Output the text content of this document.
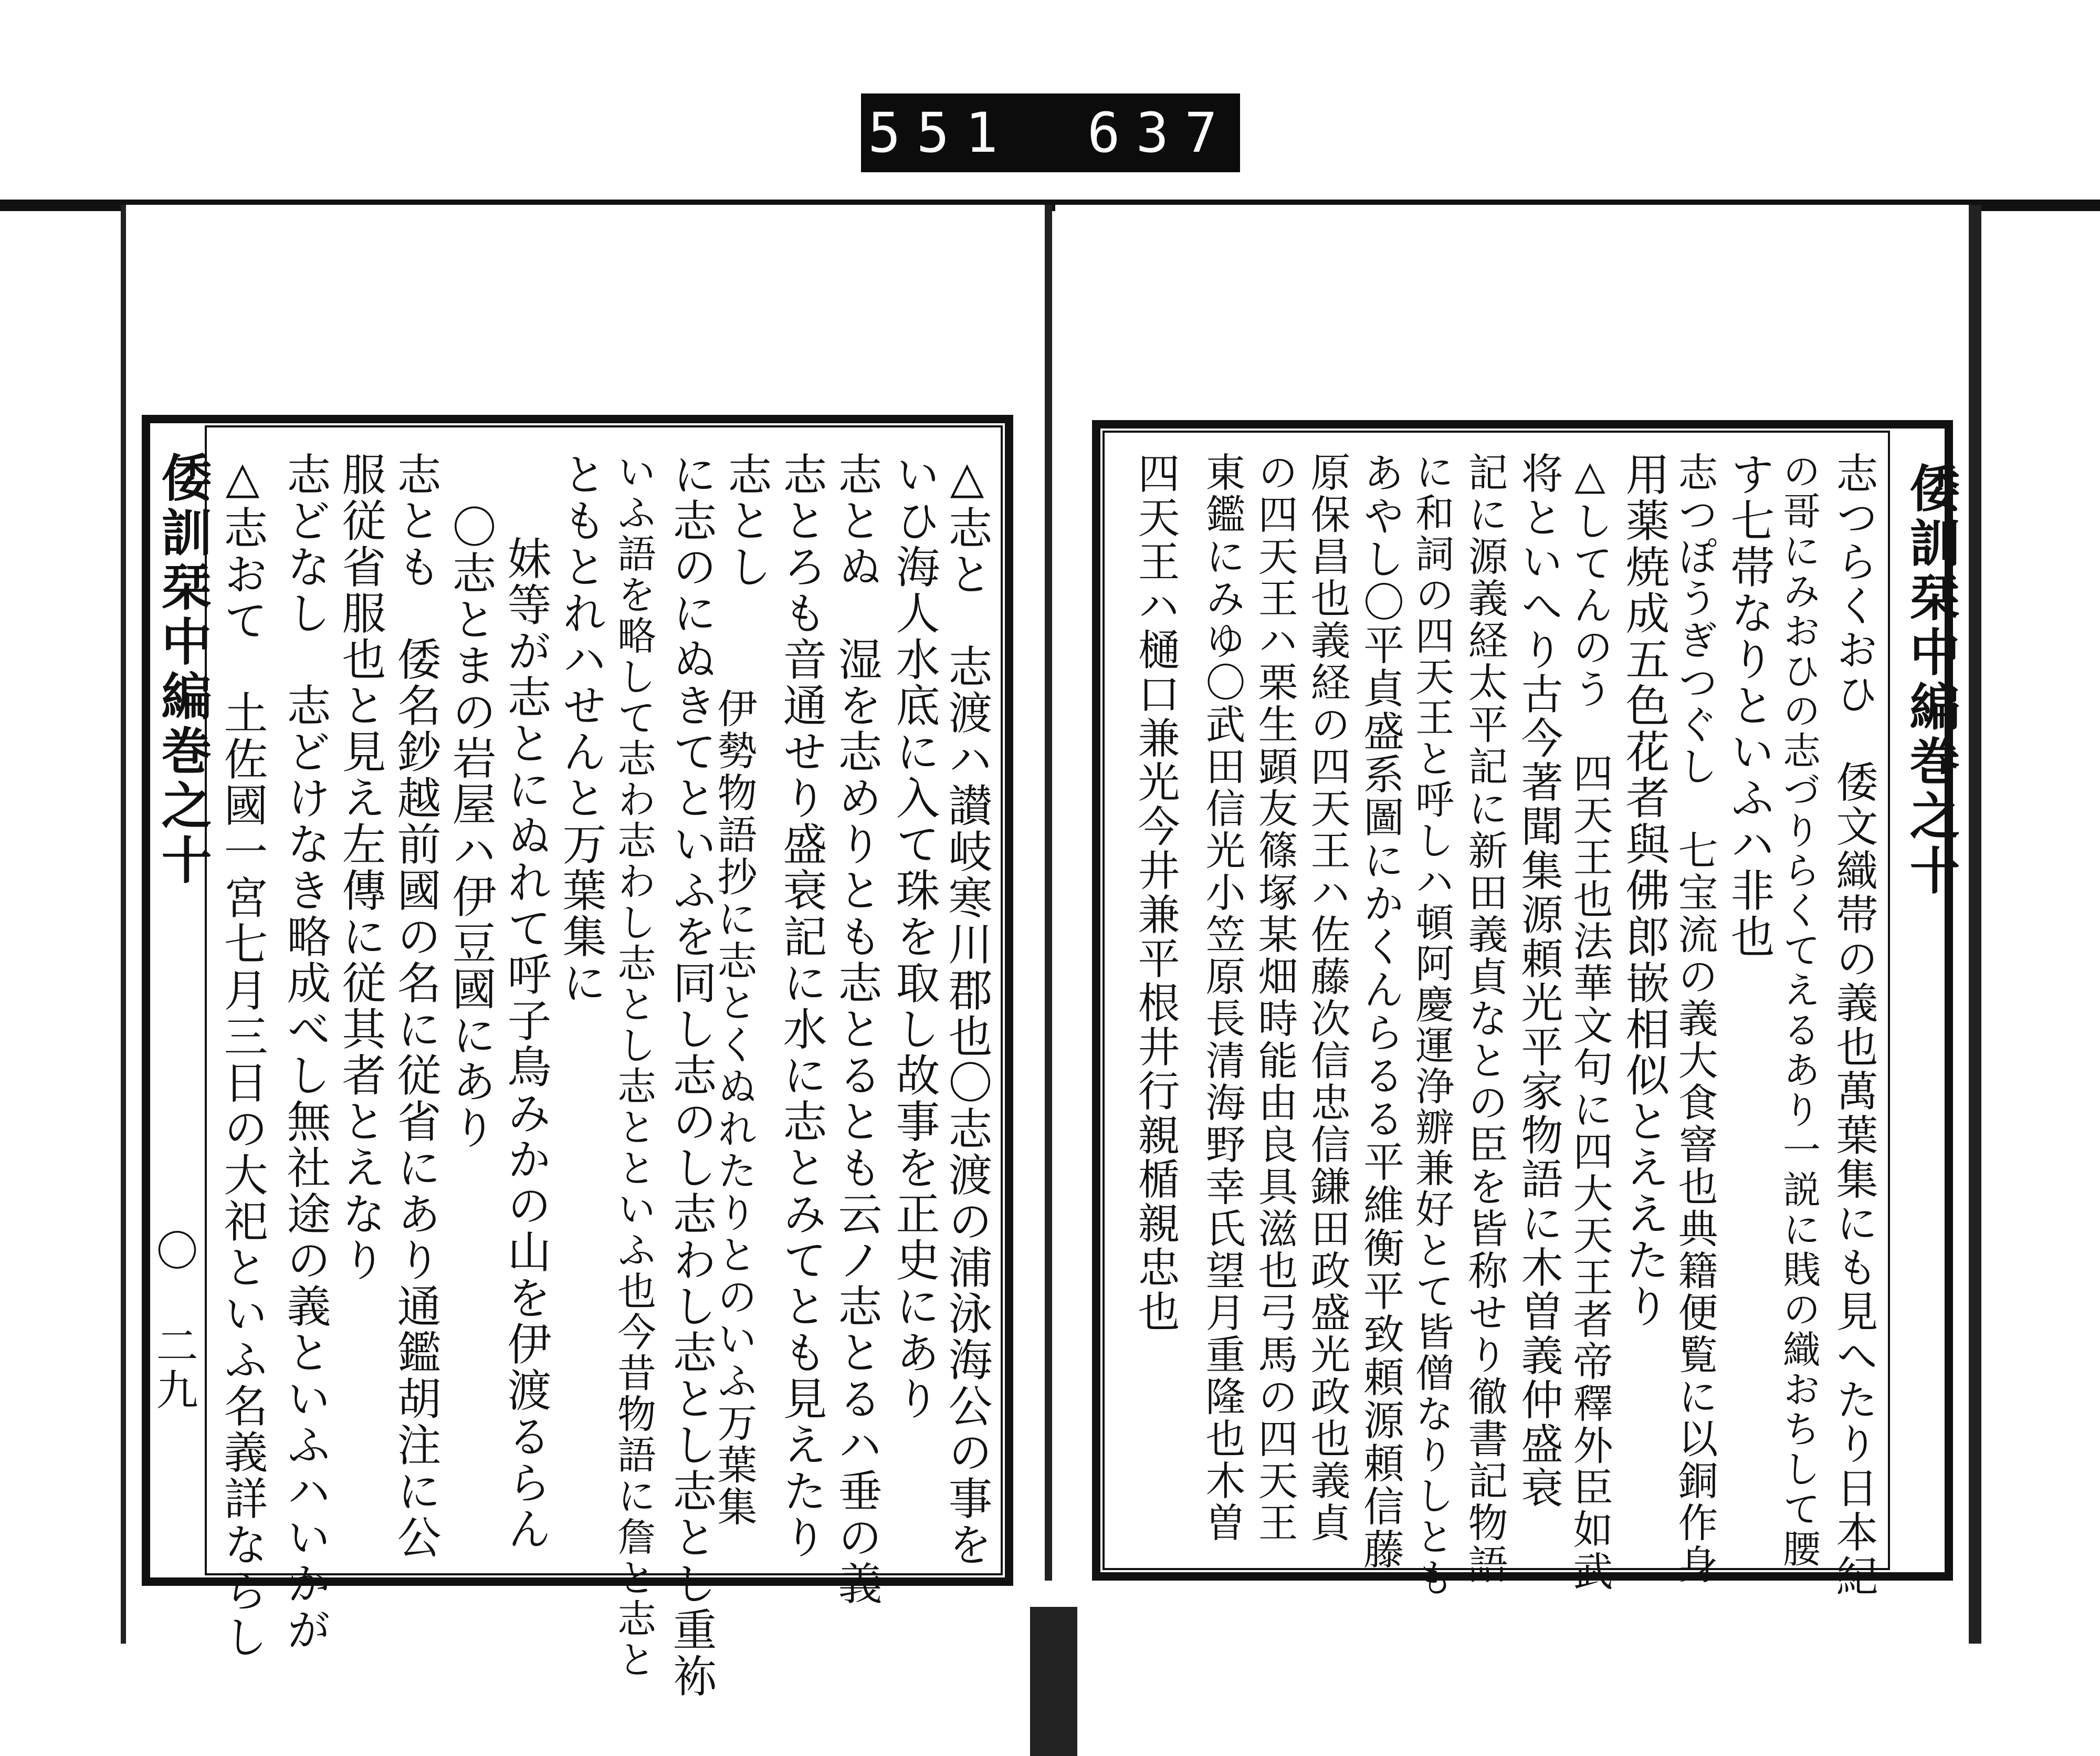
551 637
倭訓栞中編巻之十
〇 二九	△志と　志渡ハ讃岐寒川郡也〇志渡の浦泳海公の事を
いひ海人水底に入て珠を取し故事を正史にあり
志とぬ　湿を志めりとも志とるとも云ノ志とるハ垂の義
志とろも音通せり盛衰記に水に志とみてとも見えたり
志とし
に志のにぬきてといふを同し志のし志わし志とし志とし重袮
いふ語を略して志わ志わし志とし志とといふ也今昔物語に詹と志と
ともとれハせんと万葉集に	伊勢物語抄に志とくぬれたりとのいふ万葉集
妹等が志とにぬれて呼子鳥みかの山を伊渡るらん
〇志とまの岩屋ハ伊豆國にあり
志とも　倭名鈔越前國の名に従省にあり通鑑胡注に公
服従省服也と見え左傳に従其者とえなり
志どなし　志どけなき略成べし無社途の義といふハいかが
△志おて　土佐國一宮七月三日の大祀といふ名義詳ならし	倭訓栞中編巻之十
志つらくおひ　倭文織帯の義也萬葉集にも見へたり日本紀
の哥にみおひの志づりらくてえるあり一説に賎の織おちして腰
す七帯なりといふハ非也
志つぽうぎつぐし　七宝流の義大食窨也典籍便覧に以銅作身
用薬焼成五色花者與佛郎嵌相似とええたり
△してんのう　四天王也法華文句に四大天王者帝釋外臣如武
将といへり古今著聞集源頼光平家物語に木曽義仲盛衰
記に源義経太平記に新田義貞なとの臣を皆称せり徹書記物語
に和詞の四天王と呼しハ頓阿慶運浄辧兼好とて皆僧なりしとも
あやし〇平貞盛系圖にかくんらるる平維衡平致頼源頼信藤
原保昌也義経の四天王ハ佐藤次信忠信鎌田政盛光政也義貞
の四天王ハ栗生顕友篠塚某畑時能由良具滋也弓馬の四天王
東鑑にみゆ〇武田信光小笠原長清海野幸氏望月重隆也木曽
四天王ハ樋口兼光今井兼平根井行親楯親忠也
